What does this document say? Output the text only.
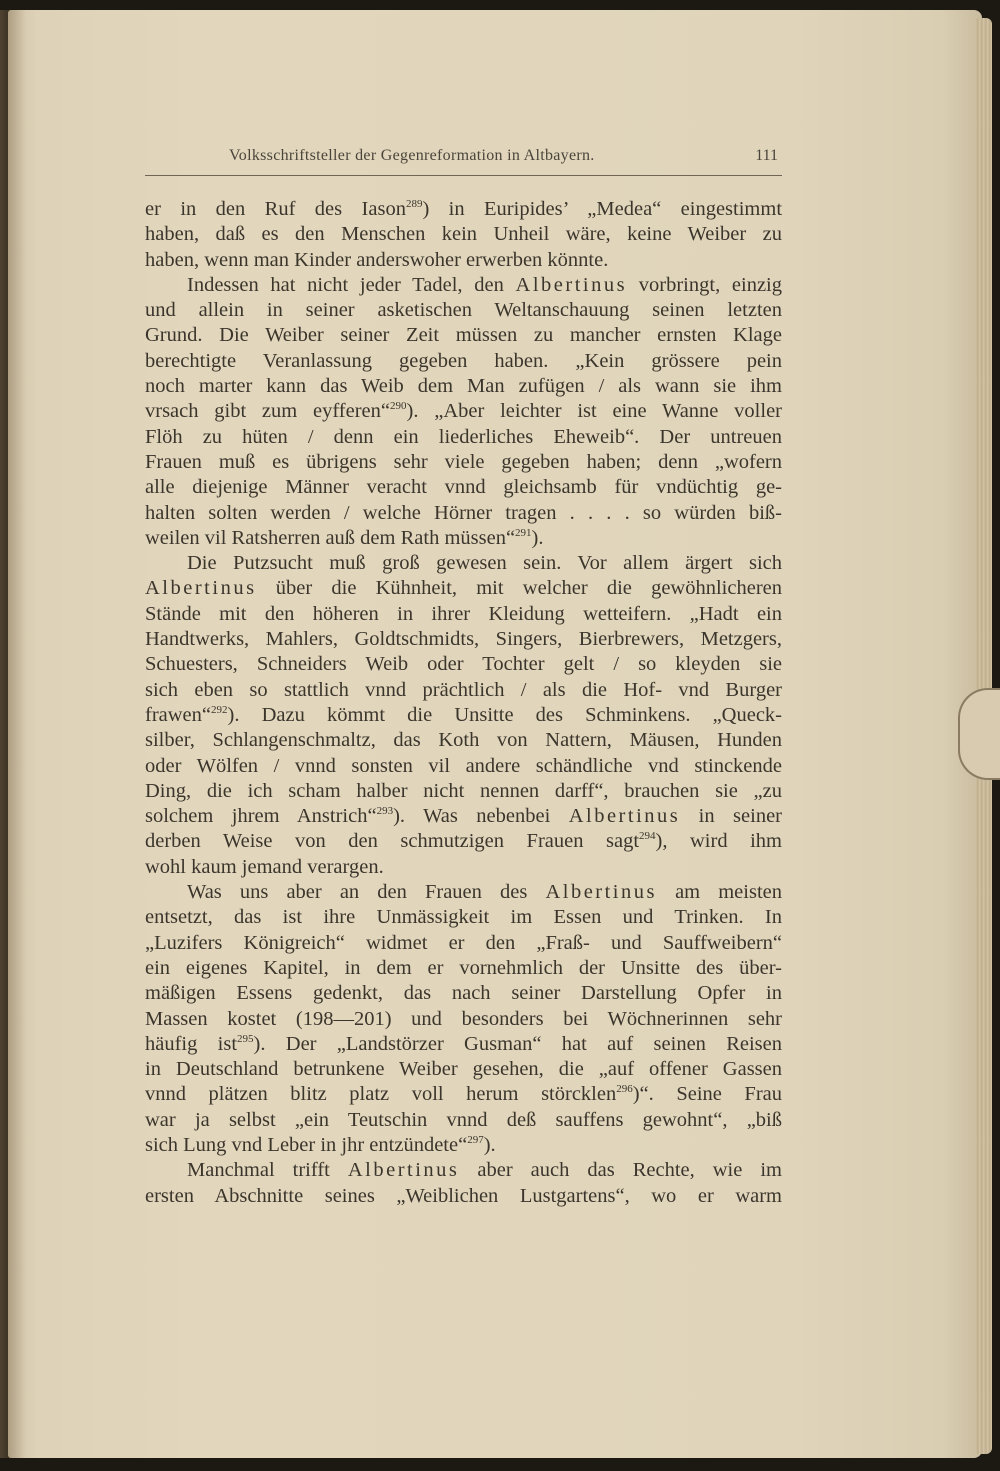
Volksschriftsteller der Gegenreformation in Altbayern.	111
er in den Ruf des Iason$^{289}$) in Euripides’ „Medea“ eingestimmt
haben, daß es den Menschen kein Unheil wäre, keine Weiber zu
haben, wenn man Kinder anderswoher erwerben könnte.
Indessen hat nicht jeder Tadel, den Albertinus vorbringt, einzig
und allein in seiner asketischen Weltanschauung seinen letzten
Grund. Die Weiber seiner Zeit müssen zu mancher ernsten Klage
berechtigte Veranlassung gegeben haben. „Kein grössere pein
noch marter kann das Weib dem Man zufügen / als wann sie ihm
vrsach gibt zum eyfferen“$^{290}$). „Aber leichter ist eine Wanne voller
Flöh zu hüten / denn ein liederliches Eheweib“. Der untreuen
Frauen muß es übrigens sehr viele gegeben haben; denn „wofern
alle diejenige Männer veracht vnnd gleichsamb für vndüchtig ge-
halten solten werden / welche Hörner tragen . . . . so würden biß-
weilen vil Ratsherren auß dem Rath müssen“$^{291}$).
Die Putzsucht muß groß gewesen sein. Vor allem ärgert sich
Albertinus über die Kühnheit, mit welcher die gewöhnlicheren
Stände mit den höheren in ihrer Kleidung wetteifern. „Hadt ein
Handtwerks, Mahlers, Goldtschmidts, Singers, Bierbrewers, Metzgers,
Schuesters, Schneiders Weib oder Tochter gelt / so kleyden sie
sich eben so stattlich vnnd prächtlich / als die Hof- vnd Burger
frawen“$^{292}$). Dazu kömmt die Unsitte des Schminkens. „Queck-
silber, Schlangenschmaltz, das Koth von Nattern, Mäusen, Hunden
oder Wölfen / vnnd sonsten vil andere schändliche vnd stinckende
Ding, die ich scham halber nicht nennen darff“, brauchen sie „zu
solchem jhrem Anstrich“$^{293}$). Was nebenbei Albertinus in seiner
derben Weise von den schmutzigen Frauen sagt$^{294}$), wird ihm
wohl kaum jemand verargen.
Was uns aber an den Frauen des Albertinus am meisten
entsetzt, das ist ihre Unmässigkeit im Essen und Trinken. In
„Luzifers Königreich“ widmet er den „Fraß- und Sauffweibern“
ein eigenes Kapitel, in dem er vornehmlich der Unsitte des über-
mäßigen Essens gedenkt, das nach seiner Darstellung Opfer in
Massen kostet (198—201) und besonders bei Wöchnerinnen sehr
häufig ist$^{295}$). Der „Landstörzer Gusman“ hat auf seinen Reisen
in Deutschland betrunkene Weiber gesehen, die „auf offener Gassen
vnnd plätzen blitz platz voll herum störcklen$^{296}$)“. Seine Frau
war ja selbst „ein Teutschin vnnd deß sauffens gewohnt“, „biß
sich Lung vnd Leber in jhr entzündete“$^{297}$).
Manchmal trifft Albertinus aber auch das Rechte, wie im
ersten Abschnitte seines „Weiblichen Lustgartens“, wo er warm
